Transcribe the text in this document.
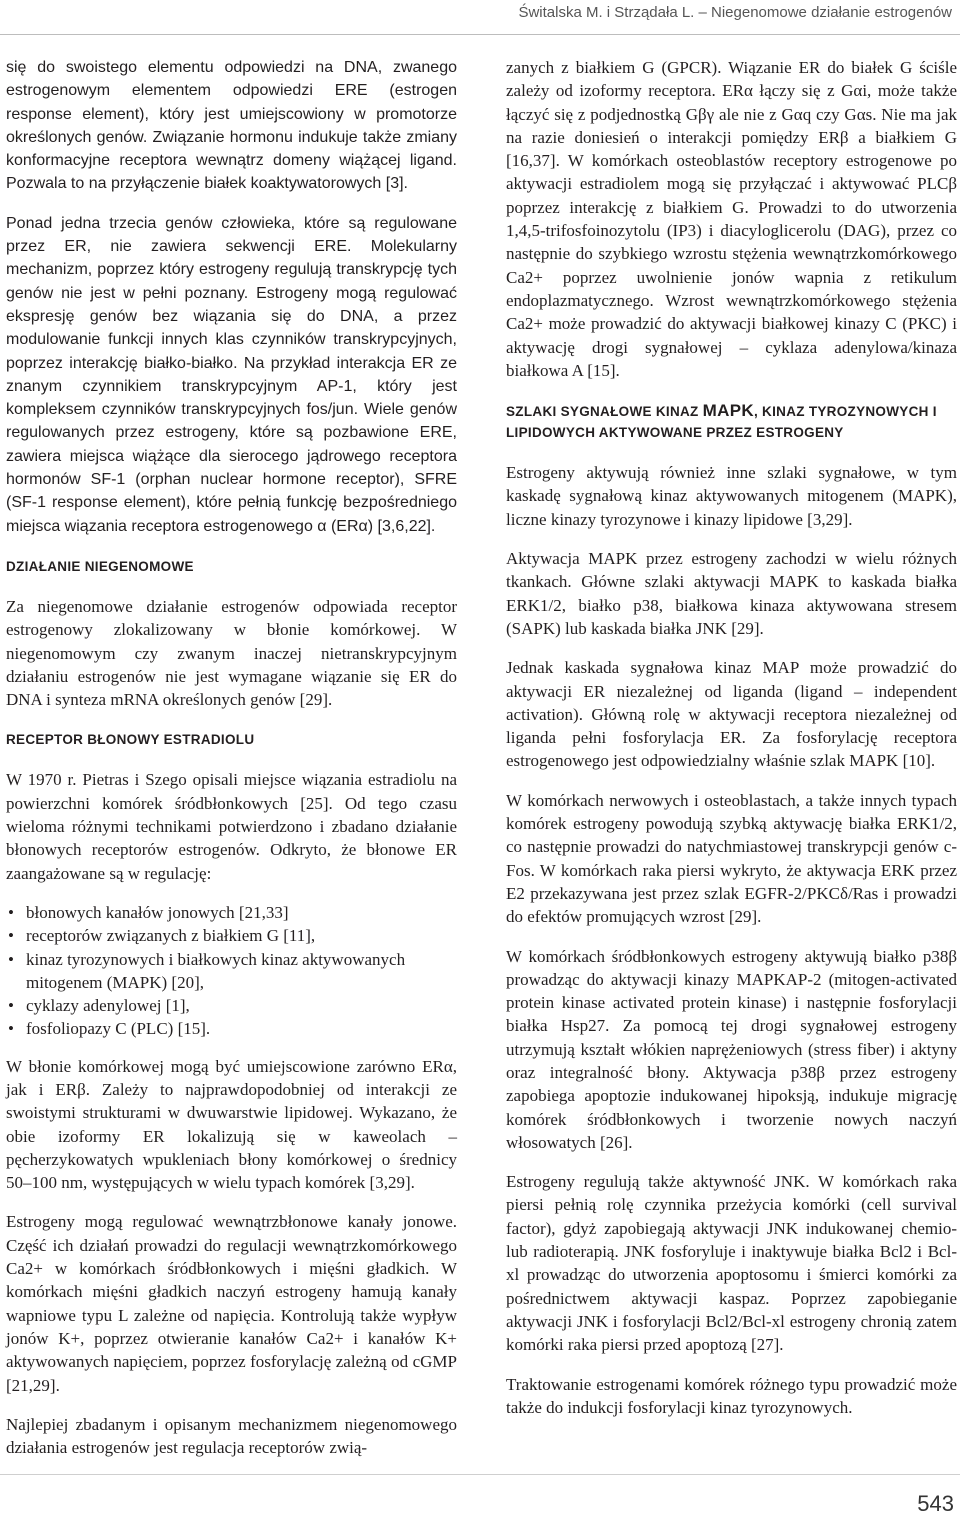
Świtalska M. i Strządała L. – Niegenomowe działanie estrogenów

się do swoistego elementu odpowiedzi na DNA, zwanego estrogenowym elementem odpowiedzi ERE (estrogen response element), który jest umiejscowiony w promotorze określonych genów. Związanie hormonu indukuje także zmiany konformacyjne receptora wewnątrz domeny wiążącej ligand. Pozwala to na przyłączenie białek koaktywatorowych [3].

Ponad jedna trzecia genów człowieka, które są regulowane przez ER, nie zawiera sekwencji ERE. Molekularny mechanizm, poprzez który estrogeny regulują transkrypcję tych genów nie jest w pełni poznany. Estrogeny mogą regulować ekspresję genów bez wiązania się do DNA, a przez modulowanie funkcji innych klas czynników transkrypcyjnych, poprzez interakcję białko-białko. Na przykład interakcja ER ze znanym czynnikiem transkrypcyjnym AP-1, który jest kompleksem czynników transkrypcyjnych fos/jun. Wiele genów regulowanych przez estrogeny, które są pozbawione ERE, zawiera miejsca wiążące dla sierocego jądrowego receptora hormonów SF-1 (orphan nuclear hormone receptor), SFRE (SF-1 response element), które pełnią funkcję bezpośredniego miejsca wiązania receptora estrogenowego α (ERα) [3,6,22].

DZIAŁANIE NIEGENOMOWE

Za niegenomowe działanie estrogenów odpowiada receptor estrogenowy zlokalizowany w błonie komórkowej. W niegenomowym czy zwanym inaczej nietranskrypcyjnym działaniu estrogenów nie jest wymagane wiązanie się ER do DNA i synteza mRNA określonych genów [29].

RECEPTOR BŁONOWY ESTRADIOLU

W 1970 r. Pietras i Szego opisali miejsce wiązania estradiolu na powierzchni komórek śródbłonkowych [25]. Od tego czasu wieloma różnymi technikami potwierdzono i zbadano działanie błonowych receptorów estrogenów. Odkryto, że błonowe ER zaangażowane są w regulację:

• błonowych kanałów jonowych [21,33]
• receptorów związanych z białkiem G [11],
• kinaz tyrozynowych i białkowych kinaz aktywowanych mitogenem (MAPK) [20],
• cyklazy adenylowej [1],
• fosfoliopazy C (PLC) [15].

W błonie komórkowej mogą być umiejscowione zarówno ERα, jak i ERβ. Zależy to najprawdopodobniej od interakcji ze swoistymi strukturami w dwuwarstwie lipidowej. Wykazano, że obie izoformy ER lokalizują się w kaweolach – pęcherzykowatych wpukleniach błony komórkowej o średnicy 50–100 nm, występujących w wielu typach komórek [3,29].

Estrogeny mogą regulować wewnątrzbłonowe kanały jonowe. Część ich działań prowadzi do regulacji wewnątrzkomórkowego Ca2+ w komórkach śródbłonkowych i mięśni gładkich. W komórkach mięśni gładkich naczyń estrogeny hamują kanały wapniowe typu L zależne od napięcia. Kontrolują także wypływ jonów K+, poprzez otwieranie kanałów Ca2+ i kanałów K+ aktywowanych napięciem, poprzez fosforylację zależną od cGMP [21,29].

Najlepiej zbadanym i opisanym mechanizmem niegenomowego działania estrogenów jest regulacja receptorów zwią-

zanych z białkiem G (GPCR). Wiązanie ER do białek G ściśle zależy od izoformy receptora. ERα łączy się z Gαi, może także łączyć się z podjednostką Gβγ ale nie z Gαq czy Gαs. Nie ma jak na razie doniesień o interakcji pomiędzy ERβ a białkiem G [16,37]. W komórkach osteoblastów receptory estrogenowe po aktywacji estradiolem mogą się przyłączać i aktywować PLCβ poprzez interakcję z białkiem G. Prowadzi to do utworzenia 1,4,5-trifosfoinozytolu (IP3) i diacyloglicerolu (DAG), przez co następnie do szybkiego wzrostu stężenia wewnątrzkomórkowego Ca2+ poprzez uwolnienie jonów wapnia z retikulum endoplazmatycznego. Wzrost wewnątrzkomórkowego stężenia Ca2+ może prowadzić do aktywacji białkowej kinazy C (PKC) i aktywację drogi sygnałowej – cyklaza adenylowa/kinaza białkowa A [15].

SZLAKI SYGNAŁOWE KINAZ MAPK, KINAZ TYROZYNOWYCH I LIPIDOWYCH AKTYWOWANE PRZEZ ESTROGENY

Estrogeny aktywują również inne szlaki sygnałowe, w tym kaskadę sygnałową kinaz aktywowanych mitogenem (MAPK), liczne kinazy tyrozynowe i kinazy lipidowe [3,29].

Aktywacja MAPK przez estrogeny zachodzi w wielu różnych tkankach. Główne szlaki aktywacji MAPK to kaskada białka ERK1/2, białko p38, białkowa kinaza aktywowana stresem (SAPK) lub kaskada białka JNK [29].

Jednak kaskada sygnałowa kinaz MAP może prowadzić do aktywacji ER niezależnej od liganda (ligand – independent activation). Główną rolę w aktywacji receptora niezależnej od liganda pełni fosforylacja ER. Za fosforylację receptora estrogenowego jest odpowiedzialny właśnie szlak MAPK [10].

W komórkach nerwowych i osteoblastach, a także innych typach komórek estrogeny powodują szybką aktywację białka ERK1/2, co następnie prowadzi do natychmiastowej transkrypcji genów c-Fos. W komórkach raka piersi wykryto, że aktywacja ERK przez E2 przekazywana jest przez szlak EGFR-2/PKCδ/Ras i prowadzi do efektów promujących wzrost [29].

W komórkach śródbłonkowych estrogeny aktywują białko p38β prowadząc do aktywacji kinazy MAPKAP-2 (mitogen-activated protein kinase activated protein kinase) i następnie fosforylacji białka Hsp27. Za pomocą tej drogi sygnałowej estrogeny utrzymują kształt włókien naprężeniowych (stress fiber) i aktyny oraz integralność błony. Aktywacja p38β przez estrogeny zapobiega apoptozie indukowanej hipoksją, indukuje migrację komórek śródbłonkowych i tworzenie nowych naczyń włosowatych [26].

Estrogeny regulują także aktywność JNK. W komórkach raka piersi pełnią rolę czynnika przeżycia komórki (cell survival factor), gdyż zapobiegają aktywacji JNK indukowanej chemio- lub radioterapią. JNK fosforyluje i inaktywuje białka Bcl2 i Bcl-xl prowadząc do utworzenia apoptosomu i śmierci komórki za pośrednictwem aktywacji kaspaz. Poprzez zapobieganie aktywacji JNK i fosforylacji Bcl2/Bcl-xl estrogeny chronią zatem komórki raka piersi przed apoptozą [27].

Traktowanie estrogenami komórek różnego typu prowadzić może także do indukcji fosforylacji kinaz tyrozynowych.

543
